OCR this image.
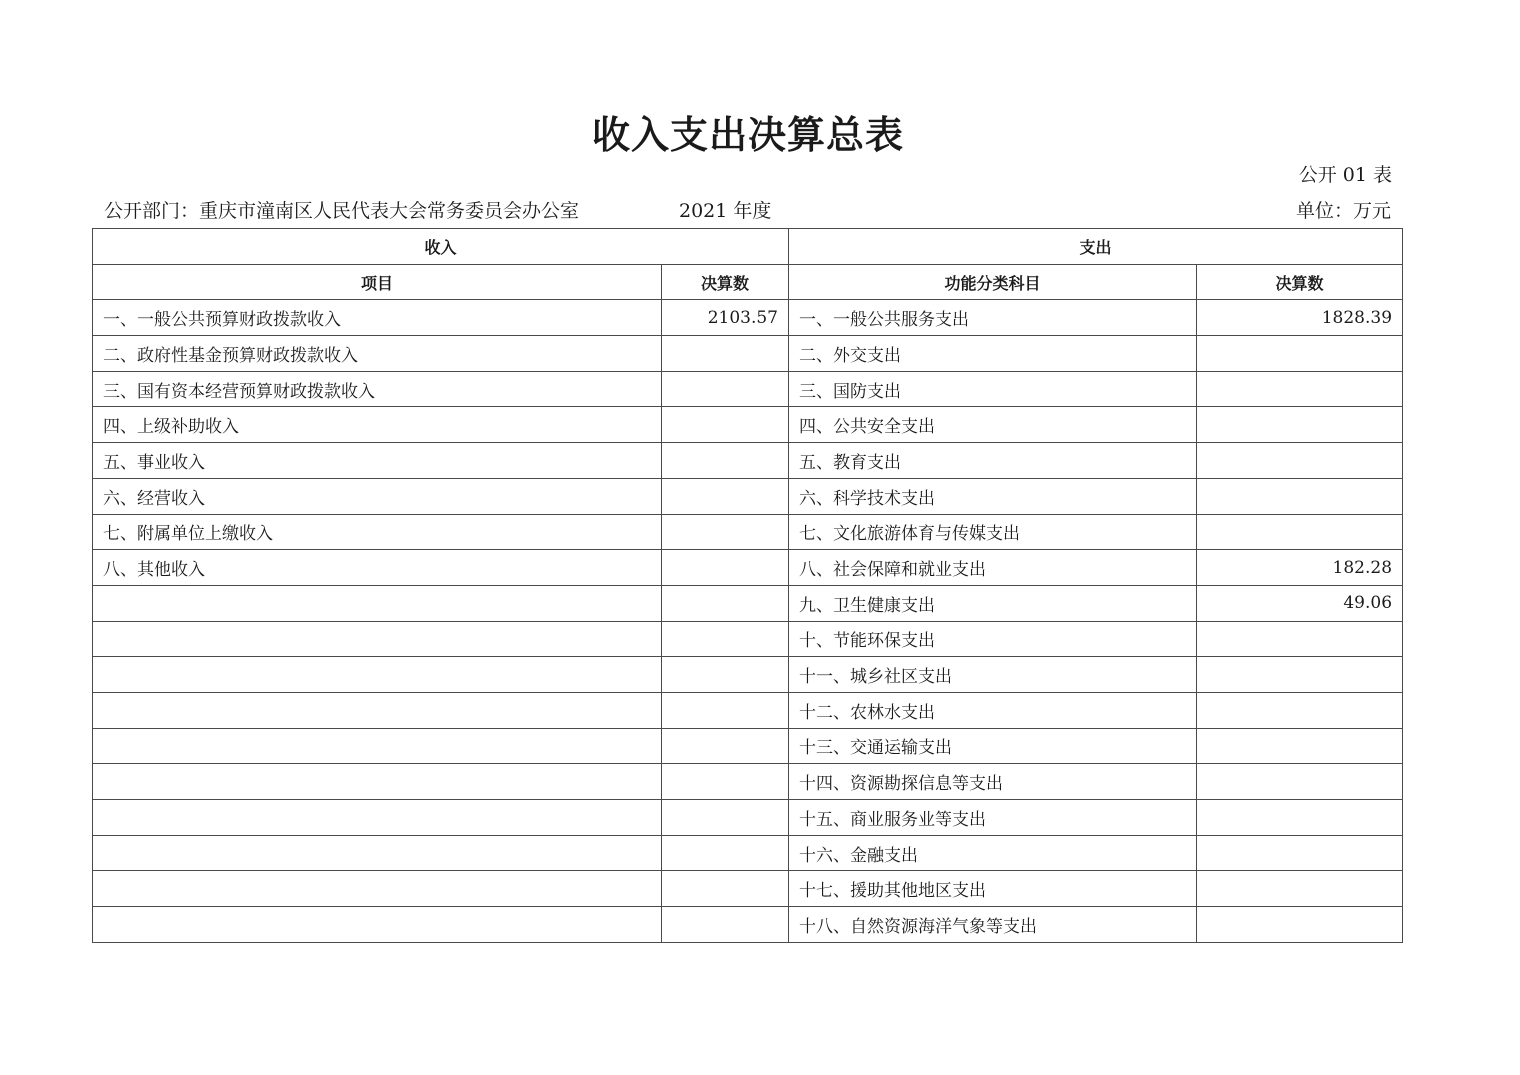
收入支出决算总表
公开 01 表
公开部门：重庆市潼南区人民代表大会常务委员会办公室	2021 年度	单位：万元
收入		支出	
项目	决算数	功能分类科目	决算数
一、一般公共预算财政拨款收入	2103.57	一、一般公共服务支出	1828.39
二、政府性基金预算财政拨款收入		二、外交支出	
三、国有资本经营预算财政拨款收入		三、国防支出	
四、上级补助收入		四、公共安全支出	
五、事业收入		五、教育支出	
六、经营收入		六、科学技术支出	
七、附属单位上缴收入		七、文化旅游体育与传媒支出	
八、其他收入		八、社会保障和就业支出	182.28
		九、卫生健康支出	49.06
		十、节能环保支出	
		十一、城乡社区支出	
		十二、农林水支出	
		十三、交通运输支出	
		十四、资源勘探信息等支出	
		十五、商业服务业等支出	
		十六、金融支出	
		十七、援助其他地区支出	
		十八、自然资源海洋气象等支出	
